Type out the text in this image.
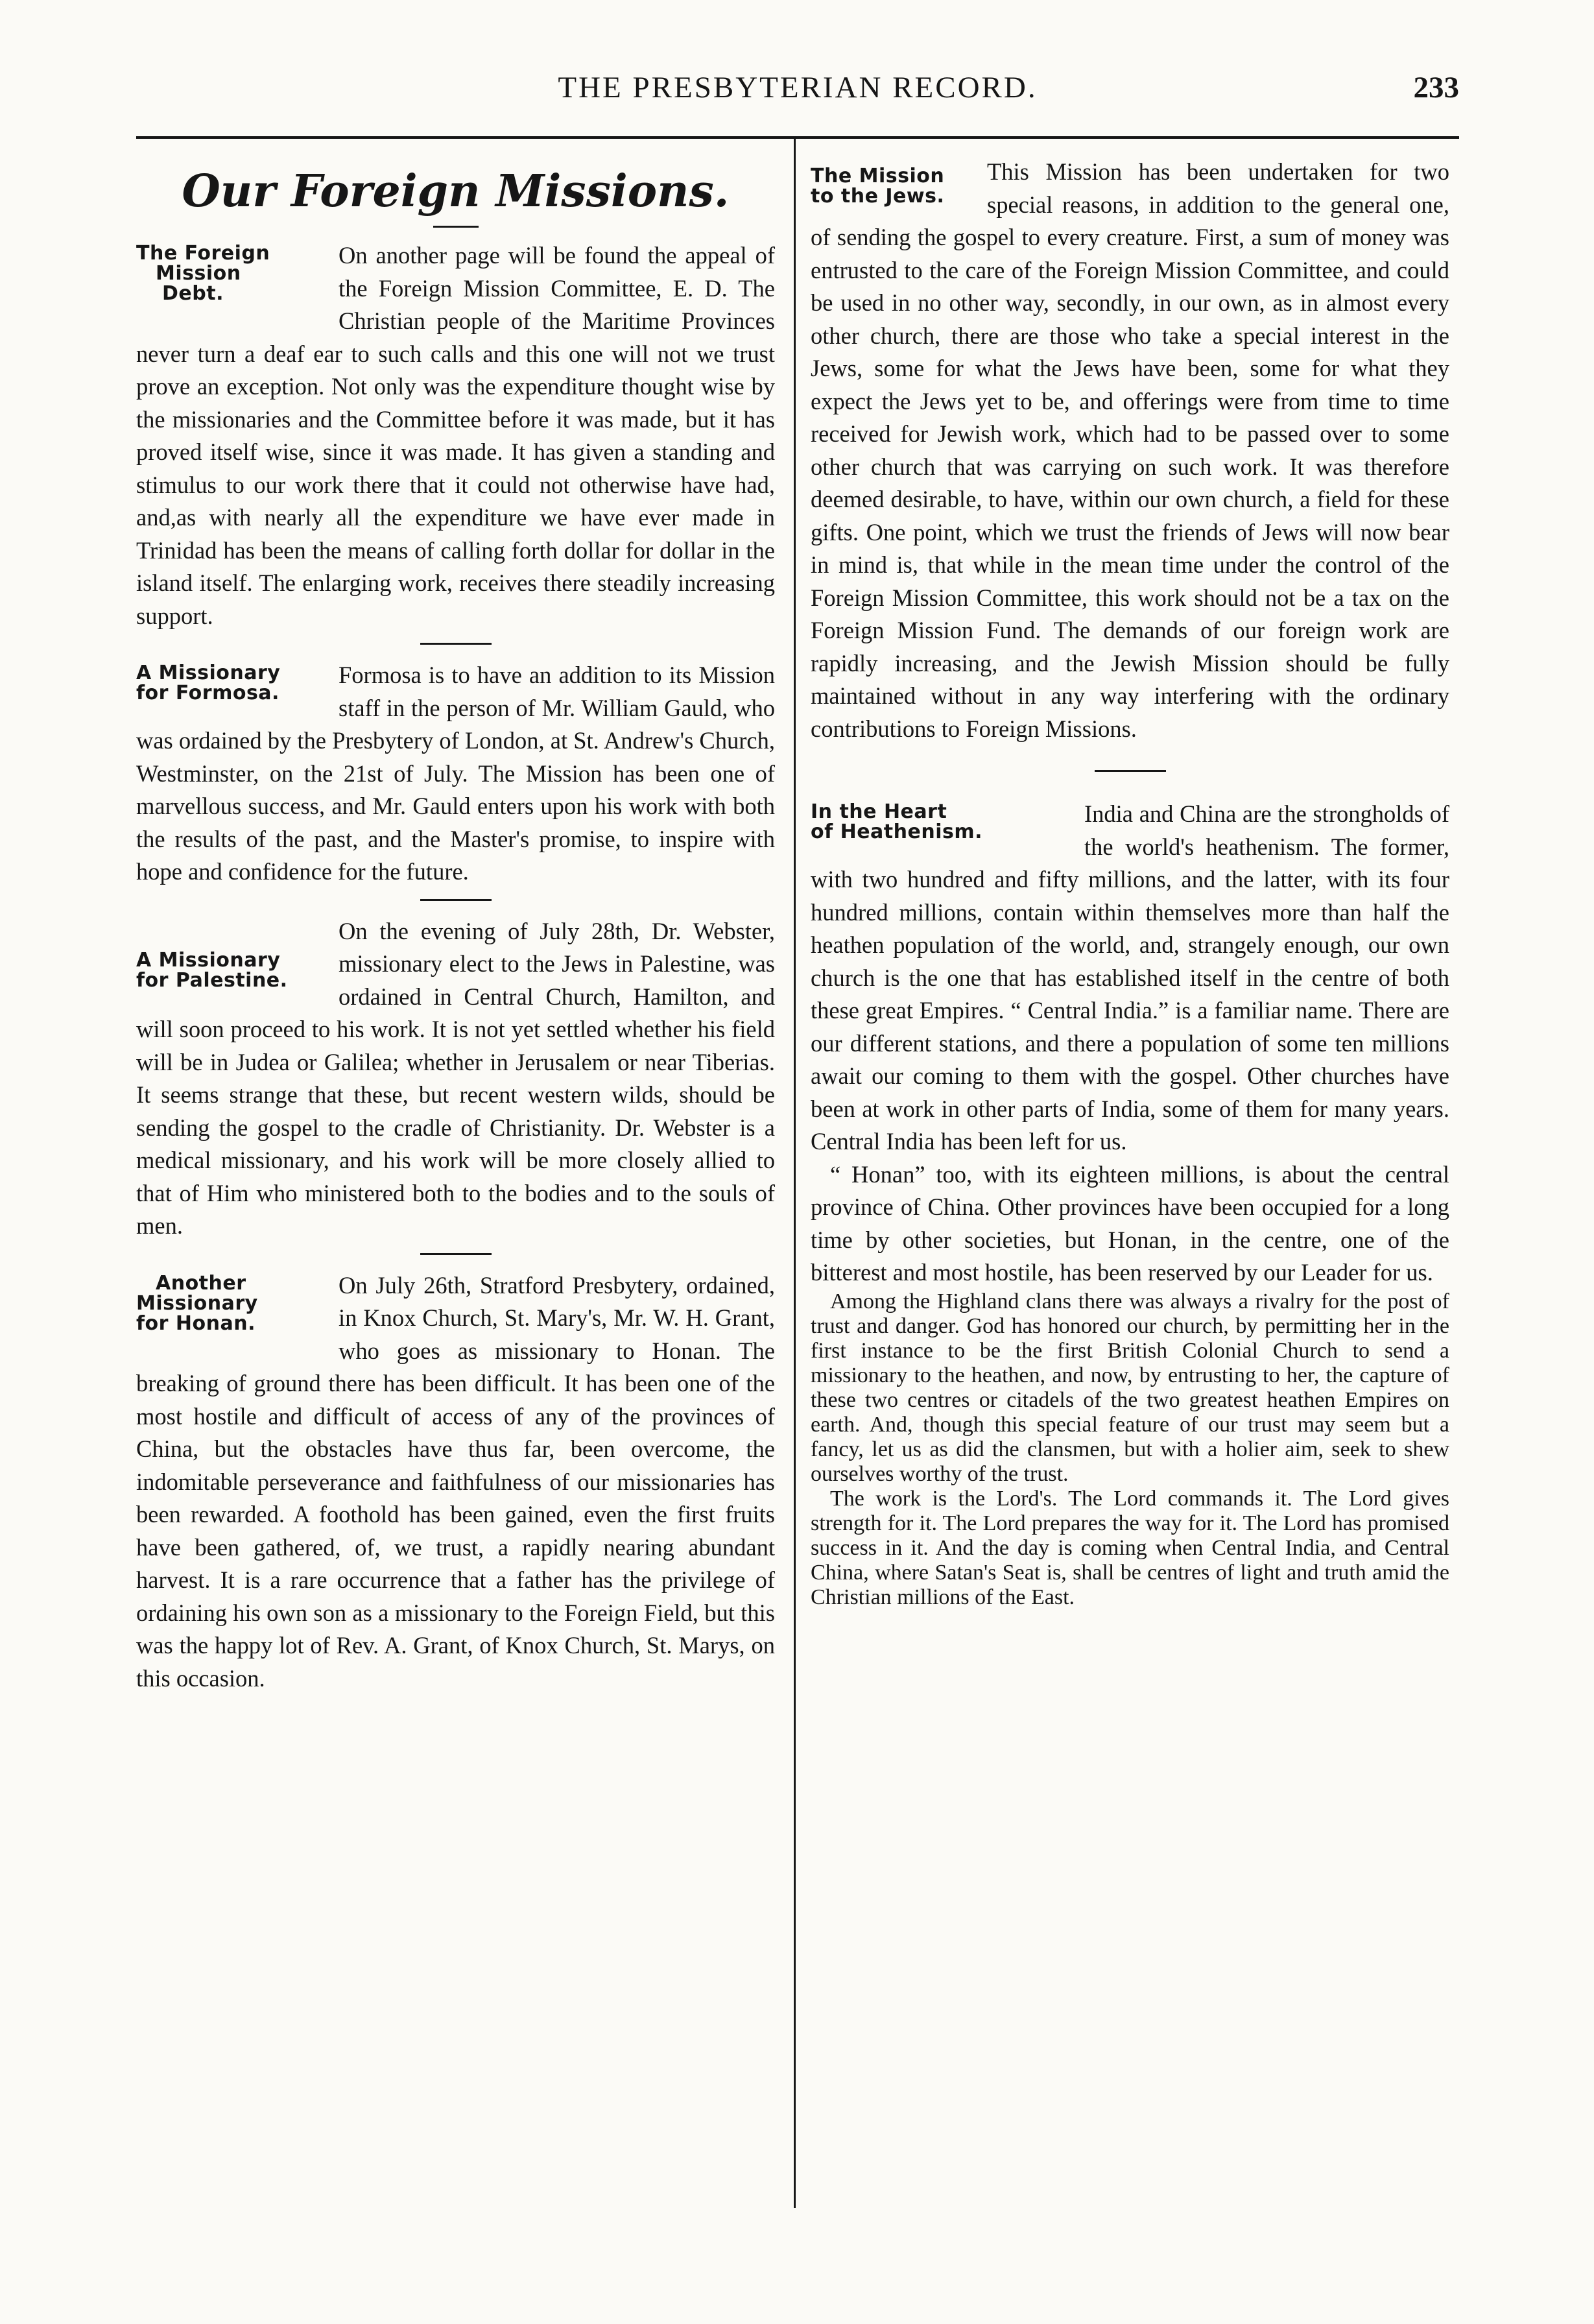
THE PRESBYTERIAN RECORD.	233
Our Foreign Missions.
The Foreign
Mission
Debt.

On another page will be found the appeal of the Foreign Mission Committee, E. D. The Christian people of the Maritime Provinces never turn a deaf ear to such calls and this one will not we trust prove an exception. Not only was the expenditure thought wise by the missionaries and the Committee before it was made, but it has proved itself wise, since it was made. It has given a standing and stimulus to our work there that it could not otherwise have had, and,as with nearly all the expenditure we have ever made in Trinidad has been the means of calling forth dollar for dollar in the island itself. The enlarging work, receives there steadily increasing support.

A Missionary
for Formosa.

Formosa is to have an addition to its Mission staff in the person of Mr. William Gauld, who was ordained by the Presbytery of London, at St. Andrew's Church, Westminster, on the 21st of July. The Mission has been one of marvellous success, and Mr. Gauld enters upon his work with both the results of the past, and the Master's promise, to inspire with hope and confidence for the future.

A Missionary
for Palestine.

On the evening of July 28th, Dr. Webster, missionary elect to the Jews in Palestine, was ordained in Central Church, Hamilton, and will soon proceed to his work. It is not yet settled whether his field will be in Judea or Galilea; whether in Jerusalem or near Tiberias. It seems strange that these, but recent western wilds, should be sending the gospel to the cradle of Christianity. Dr. Webster is a medical missionary, and his work will be more closely allied to that of Him who ministered both to the bodies and to the souls of men.

Another
Missionary
for Honan.

On July 26th, Stratford Presbytery, ordained, in Knox Church, St. Mary's, Mr. W. H. Grant, who goes as missionary to Honan. The breaking of ground there has been difficult. It has been one of the most hostile and difficult of access of any of the provinces of China, but the obstacles have thus far, been overcome, the indomitable perseverance and faithfulness of our missionaries has been rewarded. A foothold has been gained, even the first fruits have been gathered, of, we trust, a rapidly nearing abundant harvest. It is a rare occurrence that a father has the privilege of ordaining his own son as a missionary to the Foreign Field, but this was the happy lot of Rev. A. Grant, of Knox Church, St. Marys, on this occasion.

The Mission
to the Jews.

This Mission has been undertaken for two special reasons, in addition to the general one, of sending the gospel to every creature. First, a sum of money was entrusted to the care of the Foreign Mission Committee, and could be used in no other way, secondly, in our own, as in almost every other church, there are those who take a special interest in the Jews, some for what the Jews have been, some for what they expect the Jews yet to be, and offerings were from time to time received for Jewish work, which had to be passed over to some other church that was carrying on such work. It was therefore deemed desirable, to have, within our own church, a field for these gifts. One point, which we trust the friends of Jews will now bear in mind is, that while in the mean time under the control of the Foreign Mission Committee, this work should not be a tax on the Foreign Mission Fund. The demands of our foreign work are rapidly increasing, and the Jewish Mission should be fully maintained without in any way interfering with the ordinary contributions to Foreign Missions.

In the Heart
of Heathenism.

India and China are the strongholds of the world's heathenism. The former, with two hundred and fifty millions, and the latter, with its four hundred millions, contain within themselves more than half the heathen population of the world, and, strangely enough, our own church is the one that has established itself in the centre of both these great Empires. “ Central India.” is a familiar name. There are our different stations, and there a population of some ten millions await our coming to them with the gospel. Other churches have been at work in other parts of India, some of them for many years. Central India has been left for us.

“ Honan” too, with its eighteen millions, is about the central province of China. Other provinces have been occupied for a long time by other societies, but Honan, in the centre, one of the bitterest and most hostile, has been reserved by our Leader for us.

Among the Highland clans there was always a rivalry for the post of trust and danger. God has honored our church, by permitting her in the first instance to be the first British Colonial Church to send a missionary to the heathen, and now, by entrusting to her, the capture of these two centres or citadels of the two greatest heathen Empires on earth. And, though this special feature of our trust may seem but a fancy, let us as did the clansmen, but with a holier aim, seek to shew ourselves worthy of the trust.

The work is the Lord's. The Lord commands it. The Lord gives strength for it. The Lord prepares the way for it. The Lord has promised success in it. And the day is coming when Central India, and Central China, where Satan's Seat is, shall be centres of light and truth amid the Christian millions of the East.
